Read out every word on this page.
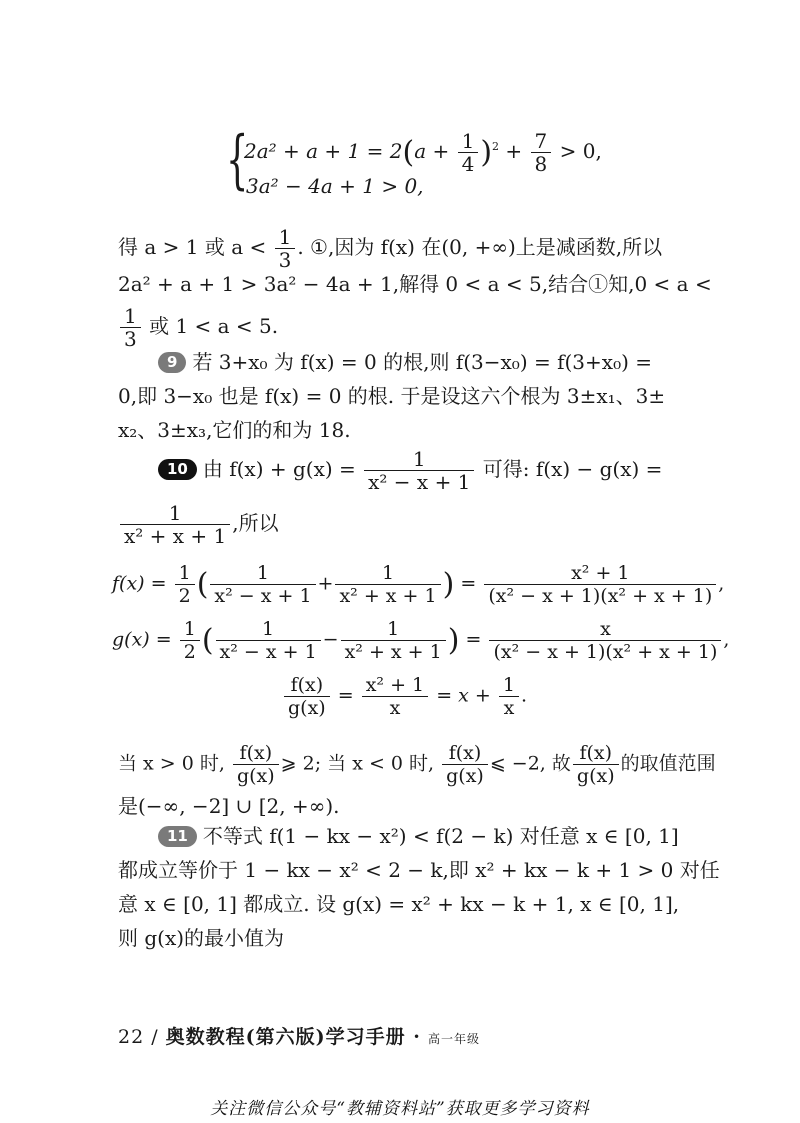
{
$2a^2 + a + 1 = 2(a + \frac{1}{4} )^2 + \frac{7}{8} > 0$,
3a² − 4a + 1 > 0,
得 a > 1 或 $a < \frac{1}{3}$ . ①,因为 f(x) 在(0, +∞)上是减函数,所以
2a² + a + 1 > 3a² − 4a + 1,解得 0 < a < 5,结合①知,0 < a <
$\frac{1}{3}$ 或 1 < a < 5.
9 若 3+x₀ 为 f(x) = 0 的根,则 f(3−x₀) = f(3+x₀) =
0,即 3−x₀ 也是 f(x) = 0 的根. 于是设这六个根为 3±x₁、3±
x₂、3±x₃,它们的和为 18.
10 由 $f(x) + g(x) = \frac{1}{\text{x² − x + 1}}$ 可得: f(x) − g(x) =
$\frac{1}{\text{x² + x + 1}}$ ,所以
$f(x) = \frac{1}{2}$ ( $\frac{1}{\text{x² − x + 1}} + \frac{1}{\text{x² + x + 1}}$ ) = $\frac{\text{x² + 1}}{\text{(x² − x + 1)(x² + x + 1)}}$ ,
$g(x) = \frac{1}{2}$ ( $\frac{1}{\text{x² − x + 1}} - \frac{1}{\text{x² + x + 1}}$ ) = $\frac{x}{\text{(x² − x + 1)(x² + x + 1)}}$ ,
$\frac{f(x)}{g(x)} = \frac{\text{x² + 1}}{x} = x + \frac{1}{x}$ .
当 x > 0 时, $\frac{f(x)}{g(x)}$ ⩾ 2; 当 x < 0 时, $\frac{f(x)}{g(x)}$ ⩽ −2, 故 $\frac{f(x)}{g(x)}$ 的取值范围
是(−∞, −2] ∪ [2, +∞).
11 不等式 f(1 − kx − x²) < f(2 − k) 对任意 x ∈ [0, 1]
都成立等价于 1 − kx − x² < 2 − k,即 x² + kx − k + 1 > 0 对任
意 x ∈ [0, 1] 都成立. 设 g(x) = x² + kx − k + 1, x ∈ [0, 1],
则 g(x)的最小值为
22 / 奥数教程(第六版)学习手册 · 高一年级
关注微信公众号“教辅资料站”获取更多学习资料
